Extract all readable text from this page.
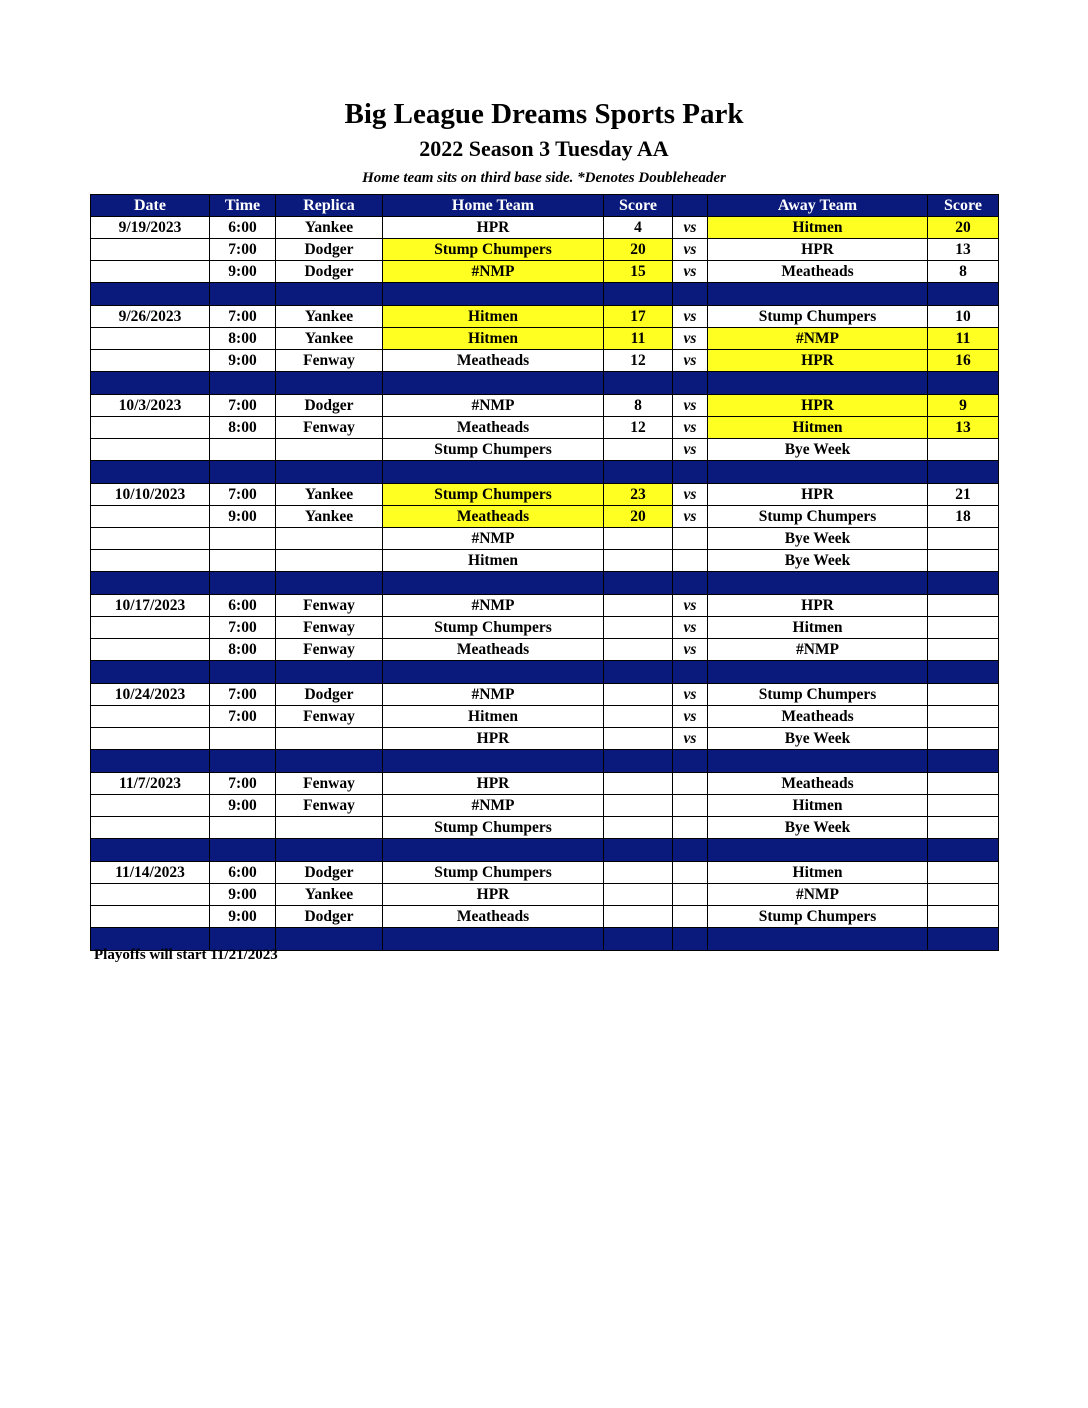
Big League Dreams Sports Park
2022 Season 3 Tuesday AA
Home team sits on third base side. *Denotes Doubleheader
Date	Time	Replica	Home Team	Score		Away Team	Score
9/19/2023	6:00	Yankee	HPR	4	vs	Hitmen	20
	7:00	Dodger	Stump Chumpers	20	vs	HPR	13
	9:00	Dodger	#NMP	15	vs	Meatheads	8

9/26/2023	7:00	Yankee	Hitmen	17	vs	Stump Chumpers	10
	8:00	Yankee	Hitmen	11	vs	#NMP	11
	9:00	Fenway	Meatheads	12	vs	HPR	16

10/3/2023	7:00	Dodger	#NMP	8	vs	HPR	9
	8:00	Fenway	Meatheads	12	vs	Hitmen	13
			Stump Chumpers		vs	Bye Week	

10/10/2023	7:00	Yankee	Stump Chumpers	23	vs	HPR	21
	9:00	Yankee	Meatheads	20	vs	Stump Chumpers	18
			#NMP			Bye Week	
			Hitmen			Bye Week	

10/17/2023	6:00	Fenway	#NMP		vs	HPR	
	7:00	Fenway	Stump Chumpers		vs	Hitmen	
	8:00	Fenway	Meatheads		vs	#NMP	

10/24/2023	7:00	Dodger	#NMP		vs	Stump Chumpers	
	7:00	Fenway	Hitmen		vs	Meatheads	
			HPR		vs	Bye Week	

11/7/2023	7:00	Fenway	HPR			Meatheads	
	9:00	Fenway	#NMP			Hitmen	
			Stump Chumpers			Bye Week	

11/14/2023	6:00	Dodger	Stump Chumpers			Hitmen	
	9:00	Yankee	HPR			#NMP	
	9:00	Dodger	Meatheads			Stump Chumpers	

Playoffs will start 11/21/2023
